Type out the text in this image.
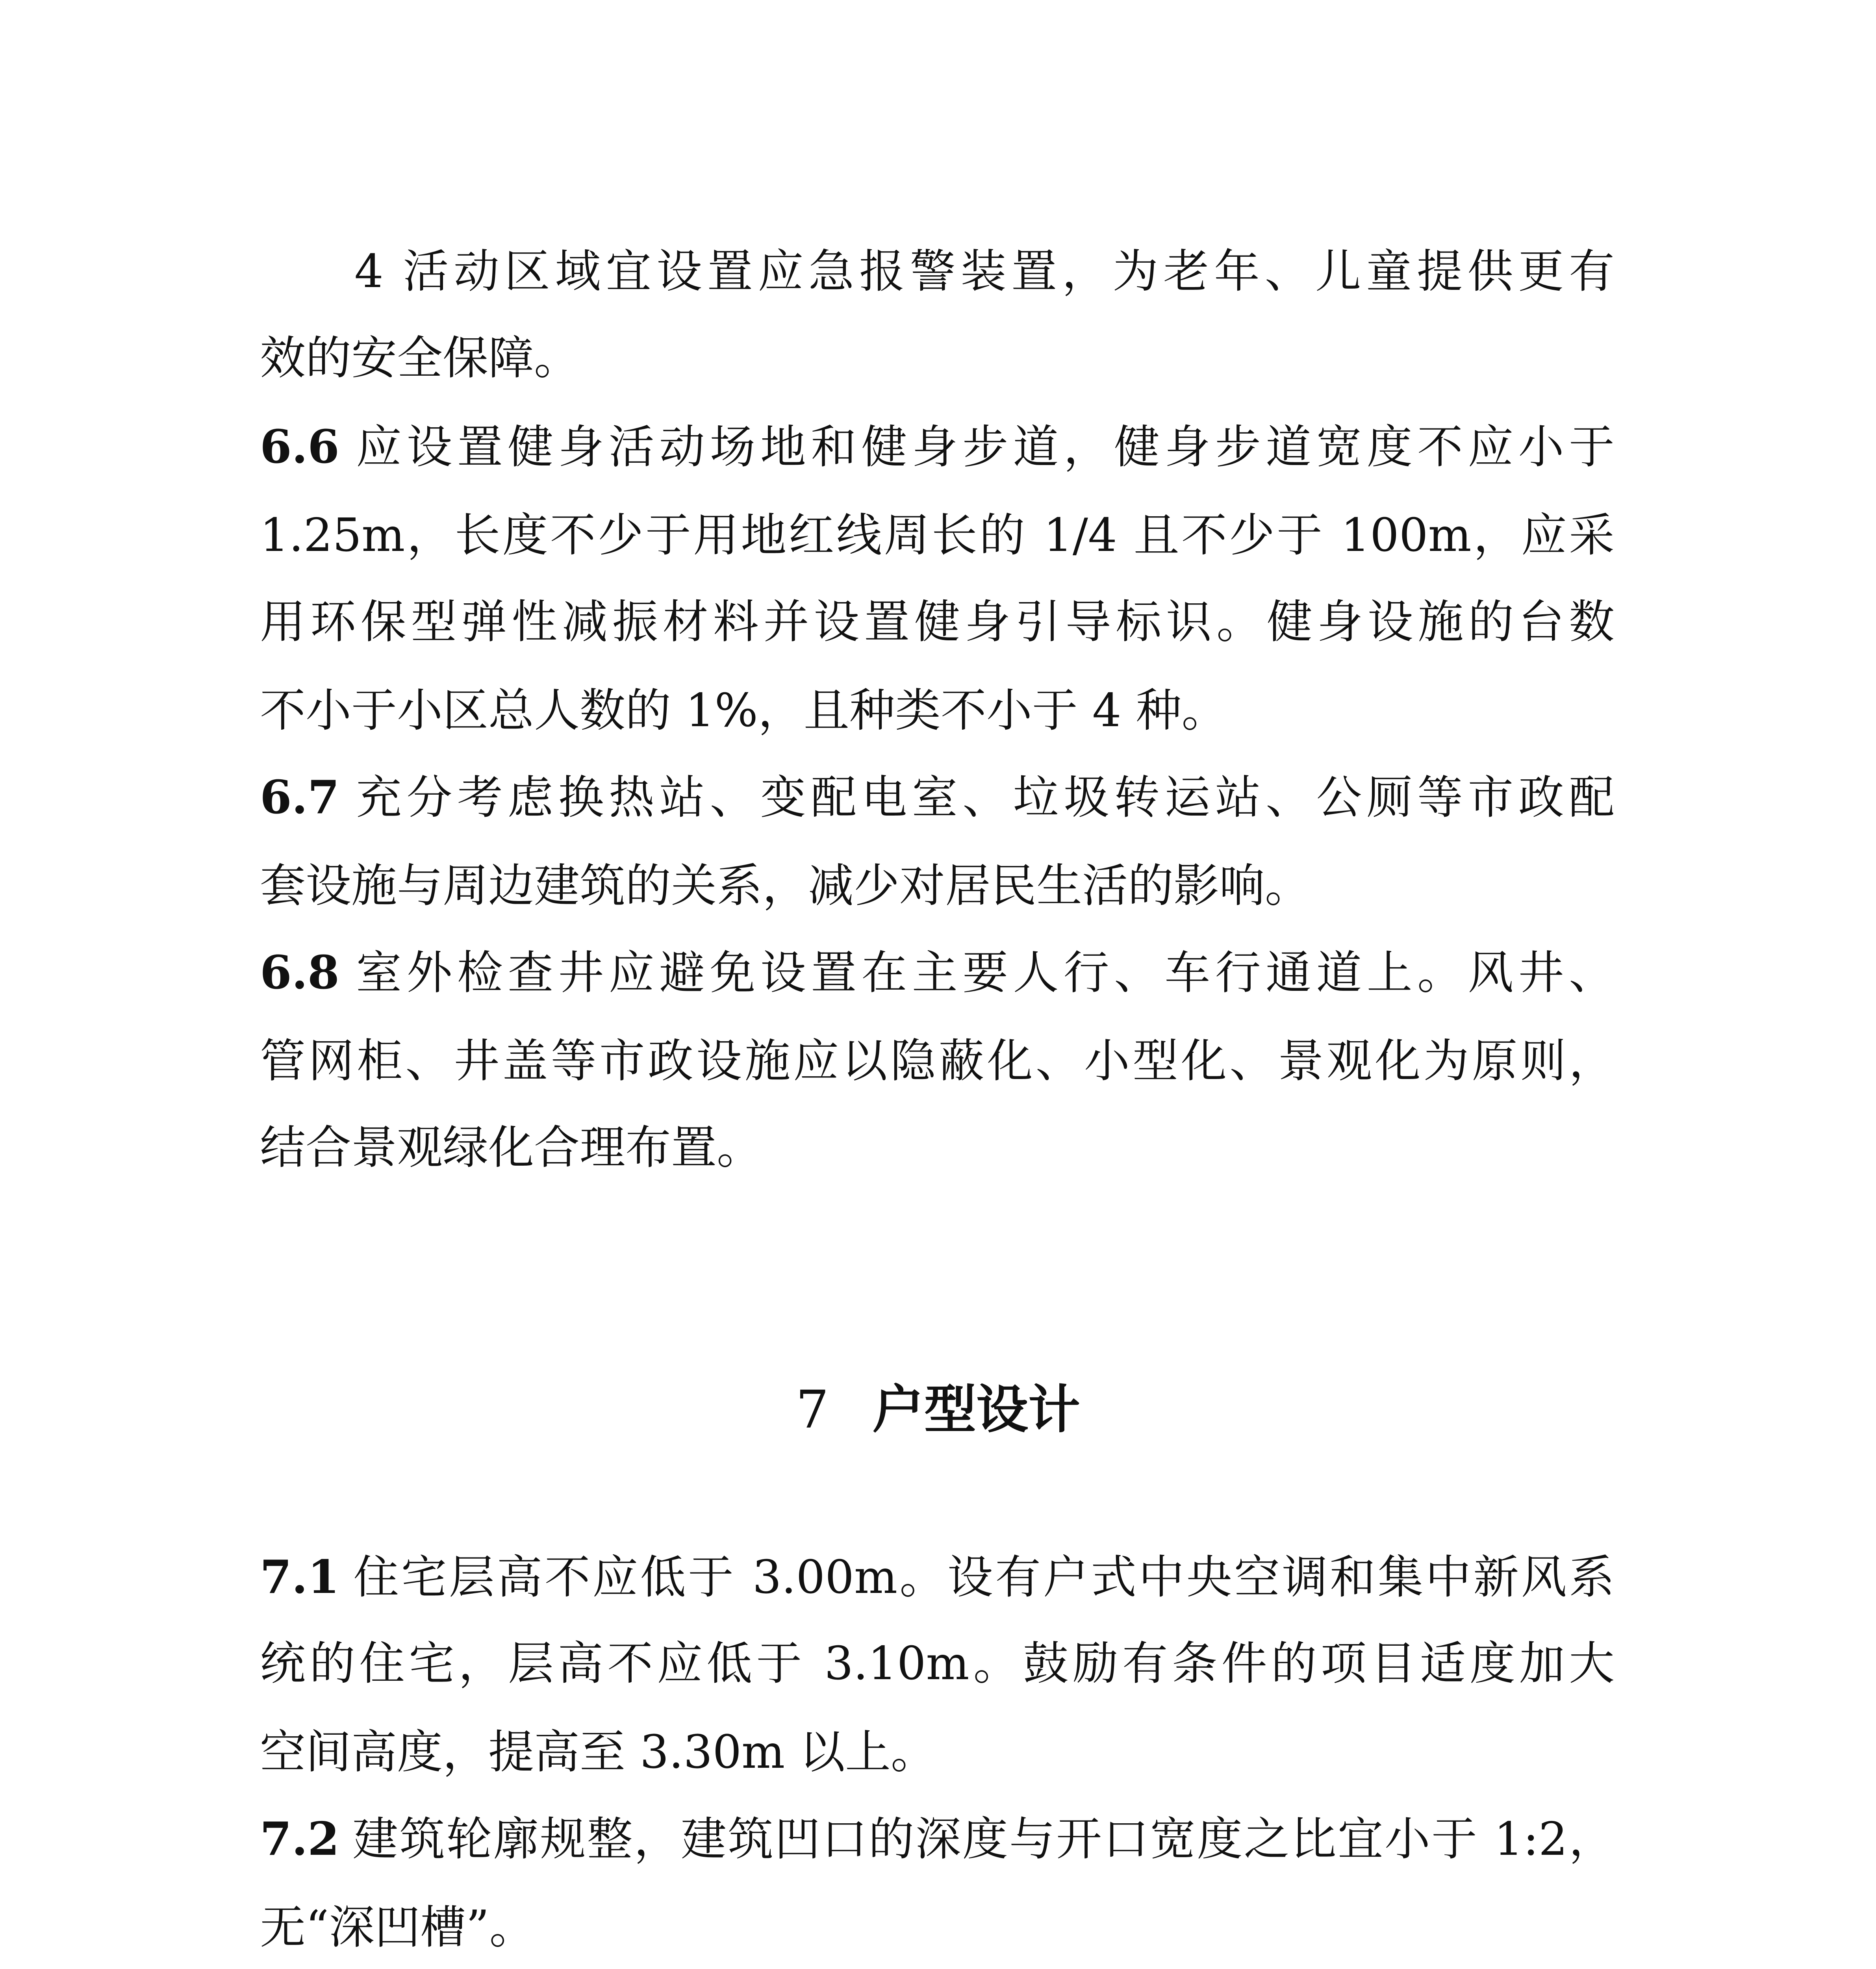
4 活动区域宜设置应急报警装置，为老年、儿童提供更有
效的安全保障。
6.6 应设置健身活动场地和健身步道，健身步道宽度不应小于
1.25m，长度不少于用地红线周长的 1/4 且不少于 100m，应采
用环保型弹性减振材料并设置健身引导标识。健身设施的台数
不小于小区总人数的 1%，且种类不小于 4 种。
6.7 充分考虑换热站、变配电室、垃圾转运站、公厕等市政配
套设施与周边建筑的关系，减少对居民生活的影响。
6.8 室外检查井应避免设置在主要人行、车行通道上。风井、
管网柜、井盖等市政设施应以隐蔽化、小型化、景观化为原则，
结合景观绿化合理布置。
7 户型设计
7.1 住宅层高不应低于 3.00m。设有户式中央空调和集中新风系
统的住宅，层高不应低于 3.10m。鼓励有条件的项目适度加大
空间高度，提高至 3.30m 以上。
7.2 建筑轮廓规整，建筑凹口的深度与开口宽度之比宜小于 1:2，
无“深凹槽”。
